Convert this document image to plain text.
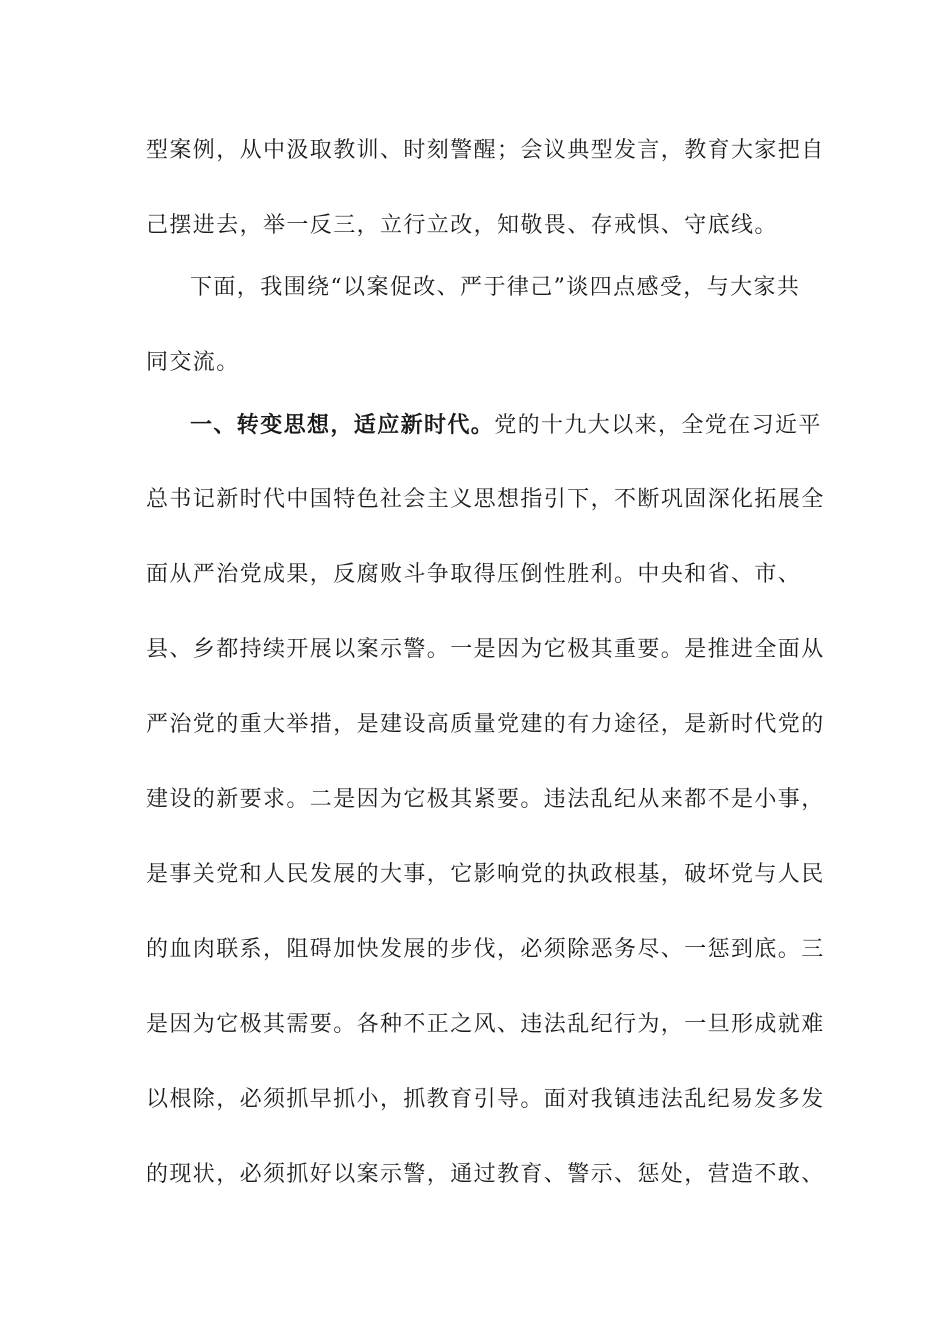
型案例，从中汲取教训、时刻警醒；会议典型发言，教育大家把自
己摆进去，举一反三，立行立改，知敬畏、存戒惧、守底线。
下面，我围绕“以案促改、严于律己”谈四点感受，与大家共
同交流。
一、转变思想，适应新时代。党的十九大以来，全党在习近平
总书记新时代中国特色社会主义思想指引下，不断巩固深化拓展全
面从严治党成果，反腐败斗争取得压倒性胜利。中央和省、市、
县、乡都持续开展以案示警。一是因为它极其重要。是推进全面从
严治党的重大举措，是建设高质量党建的有力途径，是新时代党的
建设的新要求。二是因为它极其紧要。违法乱纪从来都不是小事，
是事关党和人民发展的大事，它影响党的执政根基，破坏党与人民
的血肉联系，阻碍加快发展的步伐，必须除恶务尽、一惩到底。三
是因为它极其需要。各种不正之风、违法乱纪行为，一旦形成就难
以根除，必须抓早抓小，抓教育引导。面对我镇违法乱纪易发多发
的现状，必须抓好以案示警，通过教育、警示、惩处，营造不敢、
